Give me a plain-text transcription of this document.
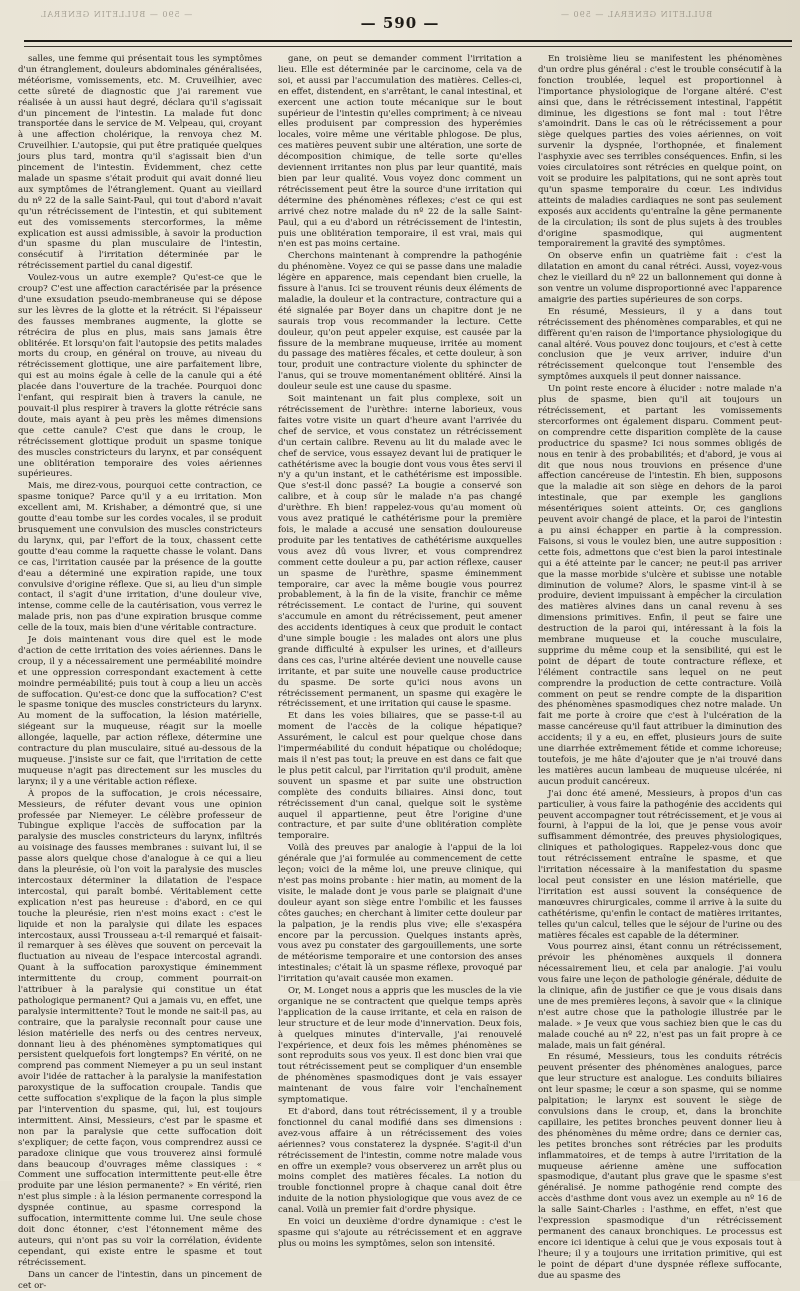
— 590 — BULLETIN GÉNÉRAL	BULLETIN GÉNÉRAL — 590 —
— 590 —

salles, une femme qui présentait tous les symptômes d'un étranglement, douleurs abdominales généralisées, météorisme, vomissements, etc. M. Cruveilhier, avec cette sûreté de diagnostic que j'ai rarement vue réalisée à un aussi haut degré, déclara qu'il s'agissait d'un pincement de l'intestin. La malade fut donc transportée dans le service de M. Velpeau, qui, croyant à une affection cholérique, la renvoya chez M. Cruveilhier. L'autopsie, qui put être pratiquée quelques jours plus tard, montra qu'il s'agissait bien d'un pincement de l'intestin. Évidemment, chez cette malade un spasme s'était produit qui avait donné lieu aux symptômes de l'étranglement. Quant au vieillard du nº 22 de la salle Saint-Paul, qui tout d'abord n'avait qu'un rétrécissement de l'intestin, et qui subitement eut des vomissements stercorformes, la même explication est aussi admissible, à savoir la production d'un spasme du plan musculaire de l'intestin, consécutif à l'irritation déterminée par le rétrécissement partiel du canal digestif.

Voulez-vous un autre exemple? Qu'est-ce que le croup? C'est une affection caractérisée par la présence d'une exsudation pseudo-membraneuse qui se dépose sur les lèvres de la glotte et la rétrécit. Si l'épaisseur des fausses membranes augmente, la glotte se rétrécira de plus en plus, mais sans jamais être oblitérée. Et lorsqu'on fait l'autopsie des petits malades morts du croup, en général on trouve, au niveau du rétrécissement glottique, une aire parfaitement libre, qui est au moins égale à celle de la canule qui a été placée dans l'ouverture de la trachée. Pourquoi donc l'enfant, qui respirait bien à travers la canule, ne pouvait-il plus respirer à travers la glotte rétrécie sans doute, mais ayant à peu près les mêmes dimensions que cette canule? C'est que dans le croup, le rétrécissement glottique produit un spasme tonique des muscles constricteurs du larynx, et par conséquent une oblitération temporaire des voies aériennes supérieures.

Mais, me direz-vous, pourquoi cette contraction, ce spasme tonique? Parce qu'il y a eu irritation. Mon excellent ami, M. Krishaber, a démontré que, si une goutte d'eau tombe sur les cordes vocales, il se produit brusquement une convulsion des muscles constricteurs du larynx, qui, par l'effort de la toux, chassent cette goutte d'eau comme la raquette chasse le volant. Dans ce cas, l'irritation causée par la présence de la goutte d'eau a déterminé une expiration rapide, une toux convulsive d'origine réflexe. Que si, au lieu d'un simple contact, il s'agit d'une irritation, d'une douleur vive, intense, comme celle de la cautérisation, vous verrez le malade pris, non pas d'une expiration brusque comme celle de la toux, mais bien d'une véritable contracture.

Je dois maintenant vous dire quel est le mode d'action de cette irritation des voies aériennes. Dans le croup, il y a nécessairement une perméabilité moindre et une oppression correspondant exactement à cette moindre perméabilité; puis tout à coup a lieu un accès de suffocation. Qu'est-ce donc que la suffocation? C'est le spasme tonique des muscles constricteurs du larynx. Au moment de la suffocation, la lésion matérielle, siégeant sur la muqueuse, réagit sur la moelle allongée, laquelle, par action réflexe, détermine une contracture du plan musculaire, situé au-dessous de la muqueuse. J'insiste sur ce fait, que l'irritation de cette muqueuse n'agit pas directement sur les muscles du larynx; il y a une véritable action réflexe.

À propos de la suffocation, je crois nécessaire, Messieurs, de réfuter devant vous une opinion professée par Niemeyer. Le célèbre professeur de Tubingue explique l'accès de suffocation par la paralysie des muscles constricteurs du larynx, infiltrés au voisinage des fausses membranes : suivant lui, il se passe alors quelque chose d'analogue à ce qui a lieu dans la pleurésie, où l'on voit la paralysie des muscles intercostaux déterminer la dilatation de l'espace intercostal, qui paraît bombé. Véritablement cette explication n'est pas heureuse : d'abord, en ce qui touche la pleurésie, rien n'est moins exact : c'est le liquide et non la paralysie qui dilate les espaces intercostaux, aussi Trousseau a-t-il remarqué et faisait-il remarquer à ses élèves que souvent on percevait la fluctuation au niveau de l'espace intercostal agrandi. Quant à la suffocation paroxystique éminemment intermittente du croup, comment pourrait-on l'attribuer à la paralysie qui constitue un état pathologique permanent? Qui a jamais vu, en effet, une paralysie intermittente? Tout le monde ne sait-il pas, au contraire, que la paralysie reconnaît pour cause une lésion matérielle des nerfs ou des centres nerveux, donnant lieu à des phénomènes symptomatiques qui persistent quelquefois fort longtemps? En vérité, on ne comprend pas comment Niemeyer a pu un seul instant avoir l'idée de rattacher à la paralysie la manifestation paroxystique de la suffocation croupale. Tandis que cette suffocation s'explique de la façon la plus simple par l'intervention du spasme, qui, lui, est toujours intermittent. Ainsi, Messieurs, c'est par le spasme et non par la paralysie que cette suffocation doit s'expliquer; de cette façon, vous comprendrez aussi ce paradoxe clinique que vous trouverez ainsi formulé dans beaucoup d'ouvrages même classiques : « Comment une suffocation intermittente peut-elle être produite par une lésion permanente? » En vérité, rien n'est plus simple : à la lésion permanente correspond la dyspnée continue, au spasme correspond la suffocation, intermittente comme lui. Une seule chose doit donc étonner, c'est l'étonnement même des auteurs, qui n'ont pas su voir la corrélation, évidente cependant, qui existe entre le spasme et tout rétrécissement.

Dans un cancer de l'intestin, dans un pincement de cet or-

gane, on peut se demander comment l'irritation a lieu. Elle est déterminée par le carcinome, cela va de soi, et aussi par l'accumulation des matières. Celles-ci, en effet, distendent, en s'arrêtant, le canal intestinal, et exercent une action toute mécanique sur le bout supérieur de l'intestin qu'elles compriment; à ce niveau elles produisent par compression des hyperémies locales, voire même une véritable phlogose. De plus, ces matières peuvent subir une altération, une sorte de décomposition chimique, de telle sorte qu'elles deviennent irritantes non plus par leur quantité, mais bien par leur qualité. Vous voyez donc comment un rétrécissement peut être la source d'une irritation qui détermine des phénomènes réflexes; c'est ce qui est arrivé chez notre malade du nº 22 de la salle Saint-Paul, qui a eu d'abord un rétrécissement de l'intestin, puis une oblitération temporaire, il est vrai, mais qui n'en est pas moins certaine.

Cherchons maintenant à comprendre la pathogénie du phénomène. Voyez ce qui se passe dans une maladie légère en apparence, mais cependant bien cruelle, la fissure à l'anus. Ici se trouvent réunis deux éléments de maladie, la douleur et la contracture, contracture qui a été signalée par Boyer dans un chapitre dont je ne saurais trop vous recommander la lecture. Cette douleur, qu'on peut appeler exquise, est causée par la fissure de la membrane muqueuse, irritée au moment du passage des matières fécales, et cette douleur, à son tour, produit une contracture violente du sphincter de l'anus, qui se trouve momentanément oblitéré. Ainsi la douleur seule est une cause du spasme.

Soit maintenant un fait plus complexe, soit un rétrécissement de l'urèthre: interne laborieux, vous faites votre visite un quart d'heure avant l'arrivée du chef de service, et vous constatez un rétrécissement d'un certain calibre. Revenu au lit du malade avec le chef de service, vous essayez devant lui de pratiquer le cathétérisme avec la bougie dont vous vous êtes servi il n'y a qu'un instant, et le cathétérisme est impossible. Que s'est-il donc passé? La bougie a conservé son calibre, et à coup sûr le malade n'a pas changé d'urèthre. Eh bien! rappelez-vous qu'au moment où vous avez pratiqué le cathétérisme pour la première fois, le malade a accusé une sensation douloureuse produite par les tentatives de cathétérisme auxquelles vous avez dû vous livrer, et vous comprendrez comment cette douleur a pu, par action réflexe, causer un spasme de l'urèthre, spasme éminemment temporaire, car avec la même bougie vous pourrez probablement, à la fin de la visite, franchir ce même rétrécissement. Le contact de l'urine, qui souvent s'accumule en amont du rétrécissement, peut amener des accidents identiques à ceux que produit le contact d'une simple bougie : les malades ont alors une plus grande difficulté à expulser les urines, et d'ailleurs dans ces cas, l'urine altérée devient une nouvelle cause irritante, et par suite une nouvelle cause productrice du spasme. De sorte qu'ici nous avons un rétrécissement permanent, un spasme qui exagère le rétrécissement, et une irritation qui cause le spasme.

Et dans les voies biliaires, que se passe-t-il au moment de l'accès de la colique hépatique? Assurément, le calcul est pour quelque chose dans l'imperméabilité du conduit hépatique ou cholédoque; mais il n'est pas tout; la preuve en est dans ce fait que le plus petit calcul, par l'irritation qu'il produit, amène souvent un spasme et par suite une obstruction complète des conduits biliaires. Ainsi donc, tout rétrécissement d'un canal, quelque soit le système auquel il appartienne, peut être l'origine d'une contracture, et par suite d'une oblitération complète temporaire.

Voilà des preuves par analogie à l'appui de la loi générale que j'ai formulée au commencement de cette leçon; voici de la même loi, une preuve clinique, qui n'est pas moins probante : hier matin, au moment de la visite, le malade dont je vous parle se plaignait d'une douleur ayant son siège entre l'ombilic et les fausses côtes gauches; en cherchant à limiter cette douleur par la palpation, je la rendis plus vive; elle s'exaspéra encore par la percussion. Quelques instants après, vous avez pu constater des gargouillements, une sorte de météorisme temporaire et une contorsion des anses intestinales; c'était là un spasme réflexe, provoqué par l'irritation qu'avait causée mon examen.

Or, M. Longet nous a appris que les muscles de la vie organique ne se contractent que quelque temps après l'application de la cause irritante, et cela en raison de leur structure et de leur mode d'innervation. Deux fois, à quelques minutes d'intervalle, j'ai renouvelé l'expérience, et deux fois les mêmes phénomènes se sont reproduits sous vos yeux. Il est donc bien vrai que tout rétrécissement peut se compliquer d'un ensemble de phénomènes spasmodiques dont je vais essayer maintenant de vous faire voir l'enchaînement symptomatique.

Et d'abord, dans tout rétrécissement, il y a trouble fonctionnel du canal modifié dans ses dimensions : avez-vous affaire à un rétrécissement des voies aériennes? vous constaterez la dyspnée. S'agit-il d'un rétrécissement de l'intestin, comme notre malade vous en offre un exemple? vous observerez un arrêt plus ou moins complet des matières fécales. La notion du trouble fonctionnel propre à chaque canal doit être induite de la notion physiologique que vous avez de ce canal. Voilà un premier fait d'ordre physique.

En voici un deuxième d'ordre dynamique : c'est le spasme qui s'ajoute au rétrécissement et en aggrave plus ou moins les symptômes, selon son intensité.

En troisième lieu se manifestent les phénomènes d'un ordre plus général : c'est le trouble consécutif à la fonction troublée, lequel est proportionnel à l'importance physiologique de l'organe altéré. C'est ainsi que, dans le rétrécissement intestinal, l'appétit diminue, les digestions se font mal : tout l'être s'amoindrit. Dans le cas où le rétrécissement a pour siège quelques parties des voies aériennes, on voit survenir la dyspnée, l'orthopnée, et finalement l'asphyxie avec ses terribles conséquences. Enfin, si les voies circulatoires sont rétrécies en quelque point, on voit se produire les palpitations, qui ne sont après tout qu'un spasme temporaire du cœur. Les individus atteints de maladies cardiaques ne sont pas seulement exposés aux accidents qu'entraîne la gêne permanente de la circulation; ils sont de plus sujets à des troubles d'origine spasmodique, qui augmentent temporairement la gravité des symptômes.

On observe enfin un quatrième fait : c'est la dilatation en amont du canal rétréci. Aussi, voyez-vous chez le vieillard du nº 22 un ballonnement qui donne à son ventre un volume disproportionné avec l'apparence amaigrie des parties supérieures de son corps.

En résumé, Messieurs, il y a dans tout rétrécissement des phénomènes comparables, et qui ne diffèrent qu'en raison de l'importance physiologique du canal altéré. Vous pouvez donc toujours, et c'est à cette conclusion que je veux arriver, induire d'un rétrécissement quelconque tout l'ensemble des symptômes auxquels il peut donner naissance.

Un point reste encore à élucider : notre malade n'a plus de spasme, bien qu'il ait toujours un rétrécissement, et partant les vomissements stercorformes ont également disparu. Comment peut-on comprendre cette disparition complète de la cause productrice du spasme? Ici nous sommes obligés de nous en tenir à des probabilités; et d'abord, je vous ai dit que nous nous trouvions en présence d'une affection cancéreuse de l'intestin. Eh bien, supposons que la maladie ait son siège en dehors de la paroi intestinale, que par exemple les ganglions mésentériques soient atteints. Or, ces ganglions peuvent avoir changé de place, et la paroi de l'intestin a pu ainsi échapper en partie à la compression. Faisons, si vous le voulez bien, une autre supposition : cette fois, admettons que c'est bien la paroi intestinale qui a été atteinte par le cancer; ne peut-il pas arriver que la masse morbide s'ulcère et subisse une notable diminution de volume? Alors, le spasme vint-il à se produire, devient impuissant à empêcher la circulation des matières alvines dans un canal revenu à ses dimensions primitives. Enfin, il peut se faire une destruction de la paroi qui, intéressant à la fois la membrane muqueuse et la couche musculaire, supprime du même coup et la sensibilité, qui est le point de départ de toute contracture réflexe, et l'élément contractile sans lequel on ne peut comprendre la production de cette contracture. Voilà comment on peut se rendre compte de la disparition des phénomènes spasmodiques chez notre malade. Un fait me porte à croire que c'est à l'ulcération de la masse cancéreuse qu'il faut attribuer la diminution des accidents; il y a eu, en effet, plusieurs jours de suite une diarrhée extrêmement fétide et comme ichoreuse; toutefois, je me hâte d'ajouter que je n'ai trouvé dans les matières aucun lambeau de muqueuse ulcérée, ni aucun produit cancéreux.

J'ai donc été amené, Messieurs, à propos d'un cas particulier, à vous faire la pathogénie des accidents qui peuvent accompagner tout rétrécissement, et je vous ai fourni, à l'appui de la loi, que je pense vous avoir suffisamment démontrée, des preuves physiologiques, cliniques et pathologiques. Rappelez-vous donc que tout rétrécissement entraîne le spasme, et que l'irritation nécessaire à la manifestation du spasme local peut consister en une lésion matérielle, que l'irritation est aussi souvent la conséquence de manœuvres chirurgicales, comme il arrive à la suite du cathétérisme, qu'enfin le contact de matières irritantes, telles qu'un calcul, telles que le séjour de l'urine ou des matières fécales est capable de la déterminer.

Vous pourrez ainsi, étant connu un rétrécissement, prévoir les phénomènes auxquels il donnera nécessairement lieu, et cela par analogie. J'ai voulu vous faire une leçon de pathologie générale, déduite de la clinique, afin de justifier ce que je vous disais dans une de mes premières leçons, à savoir que « la clinique n'est autre chose que la pathologie illustrée par le malade. » Je veux que vous sachiez bien que le cas du malade couché au nº 22, n'est pas un fait propre à ce malade, mais un fait général.

En résumé, Messieurs, tous les conduits rétrécis peuvent présenter des phénomènes analogues, parce que leur structure est analogue. Les conduits biliaires ont leur spasme; le cœur a son spasme, qui se nomme palpitation; le larynx est souvent le siège de convulsions dans le croup, et, dans la bronchite capillaire, les petites bronches peuvent donner lieu à des phénomènes du même ordre; dans ce dernier cas, les petites bronches sont rétrécies par les produits inflammatoires, et de temps à autre l'irritation de la muqueuse aérienne amène une suffocation spasmodique, d'autant plus grave que le spasme s'est généralisé. Je nomme pathogénie rend compte des accès d'asthme dont vous avez un exemple au nº 16 de la salle Saint-Charles : l'asthme, en effet, n'est que l'expression spasmodique d'un rétrécissement permanent des canaux bronchiques. Le processus est encore ici identique à celui que je vous exposais tout à l'heure; il y a toujours une irritation primitive, qui est le point de départ d'une dyspnée réflexe suffocante, due au spasme des
